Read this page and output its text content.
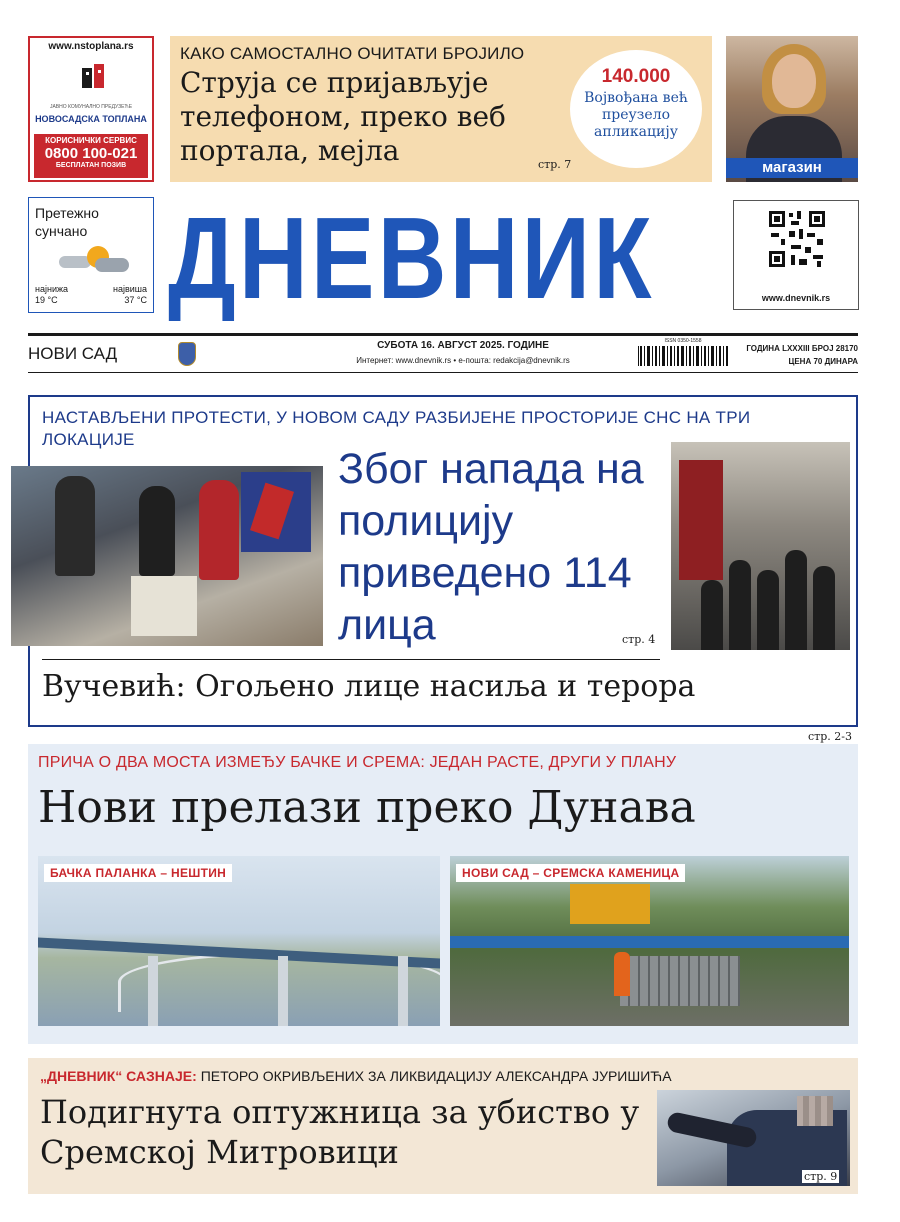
www.nstoplana.rs
ЈАВНО КОМУНАЛНО ПРЕДУЗЕЋЕ
НОВОСАДСКА ТОПЛАНА
КОРИСНИЧКИ СЕРВИС
0800 100-021
БЕСПЛАТАН ПОЗИВ
КАКО САМОСТАЛНО ОЧИТАТИ БРОЈИЛО
Струја се пријављује телефоном, преко веб портала, мејла	стр. 7
140.000
Војвођана већ преузело апликацију
магазин
Претежно сунчано
најнижа
19 °C
највиша
37 °C ДНЕВНИК	www.dnevnik.rs
НОВИ САД	СУБОТА 16. АВГУСТ 2025. ГОДИНЕ
Интернет: www.dnevnik.rs • е-пошта: redakcija@dnevnik.rs
ISSN 0350-1558
ГОДИНА LXXXIII БРОЈ 28170
ЦЕНА 70 ДИНАРА
НАСТАВЉЕНИ ПРОТЕСТИ, У НОВОМ САДУ РАЗБИЈЕНЕ ПРОСТОРИЈЕ СНС НА ТРИ ЛОКАЦИЈЕ
Због напада на полицију приведено 114 лица	стр. 4
Вучевић: Огољено лице насиља и терора
стр. 2-3
ПРИЧА О ДВА МОСТА ИЗМЕЂУ БАЧКЕ И СРЕМА: ЈЕДАН РАСТЕ, ДРУГИ У ПЛАНУ
Нови прелази преко Дунава
БАЧКА ПАЛАНКА – НЕШТИН	НОВИ САД – СРЕМСКА КАМЕНИЦА
„ДНЕВНИК“ САЗНАЈЕ: ПЕТОРО ОКРИВЉЕНИХ ЗА ЛИКВИДАЦИЈУ АЛЕКСАНДРА ЈУРИШИЋА
Подигнута оптужница за убиство у Сремској Митровици
стр. 9
